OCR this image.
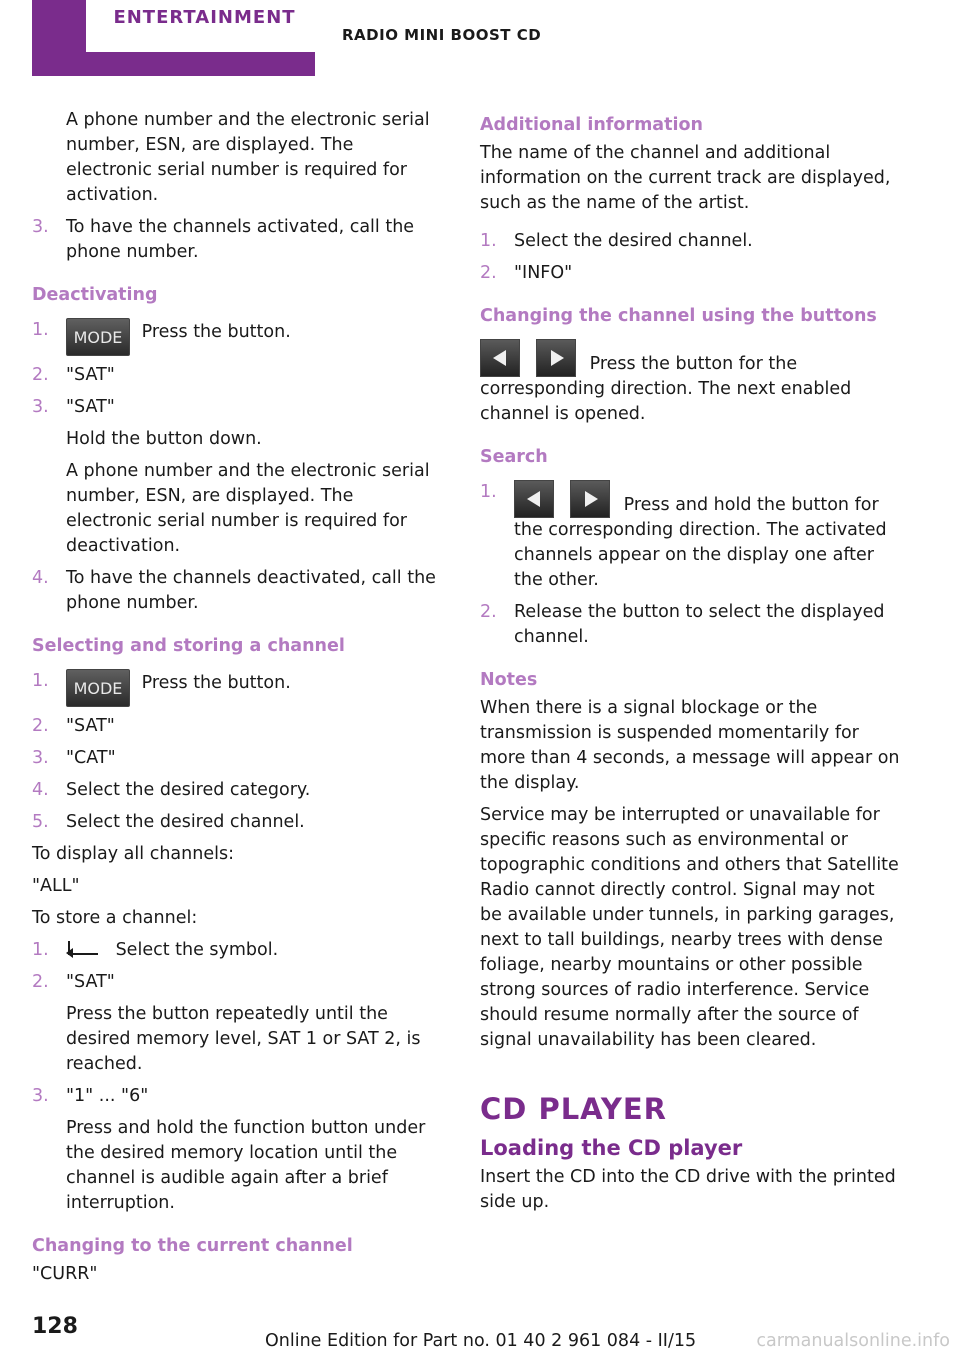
ENTERTAINMENT
RADIO MINI BOOST CD

A phone number and the electronic serial number, ESN, are displayed. The electronic serial number is required for activation.

3. To have the channels activated, call the phone number.
Deactivating
1.	MODE Press the button.
2. "SAT"
3. "SAT"

Hold the button down.

A phone number and the electronic serial number, ESN, are displayed. The electronic serial number is required for deactivation.

4. To have the channels deactivated, call the phone number.
Selecting and storing a channel
1.	MODE Press the button.
2. "SAT"
3. "CAT"
4. Select the desired category.
5. Select the desired channel.

To display all channels:

"ALL"

To store a channel:

1.	Select the symbol.
2. "SAT"

Press the button repeatedly until the desired memory level, SAT 1 or SAT 2, is reached.

3. "1" ... "6"

Press and hold the function button under the desired memory location until the channel is audible again after a brief interruption.

Changing to the current channel

"CURR"

Additional information

The name of the channel and additional information on the current track are displayed, such as the name of the artist.

1. Select the desired channel.
2. "INFO"
Changing the channel using the buttons

Press the button for the corresponding direction. The next enabled channel is opened.

Search
1.
Press and hold the button for the corresponding direction. The activated channels appear on the display one after the other.
2. Release the button to select the displayed channel.
Notes

When there is a signal blockage or the transmission is suspended momentarily for more than 4 seconds, a message will appear on the display.

Service may be interrupted or unavailable for specific reasons such as environmental or topographic conditions and others that Satellite Radio cannot directly control. Signal may not be available under tunnels, in parking garages, next to tall buildings, nearby trees with dense foliage, nearby mountains or other possible strong sources of radio interference. Service should resume normally after the source of signal unavailability has been cleared.

CD PLAYER
Loading the CD player

Insert the CD into the CD drive with the printed side up.

128
Online Edition for Part no. 01 40 2 961 084 - II/15	carmanualsonline.info
